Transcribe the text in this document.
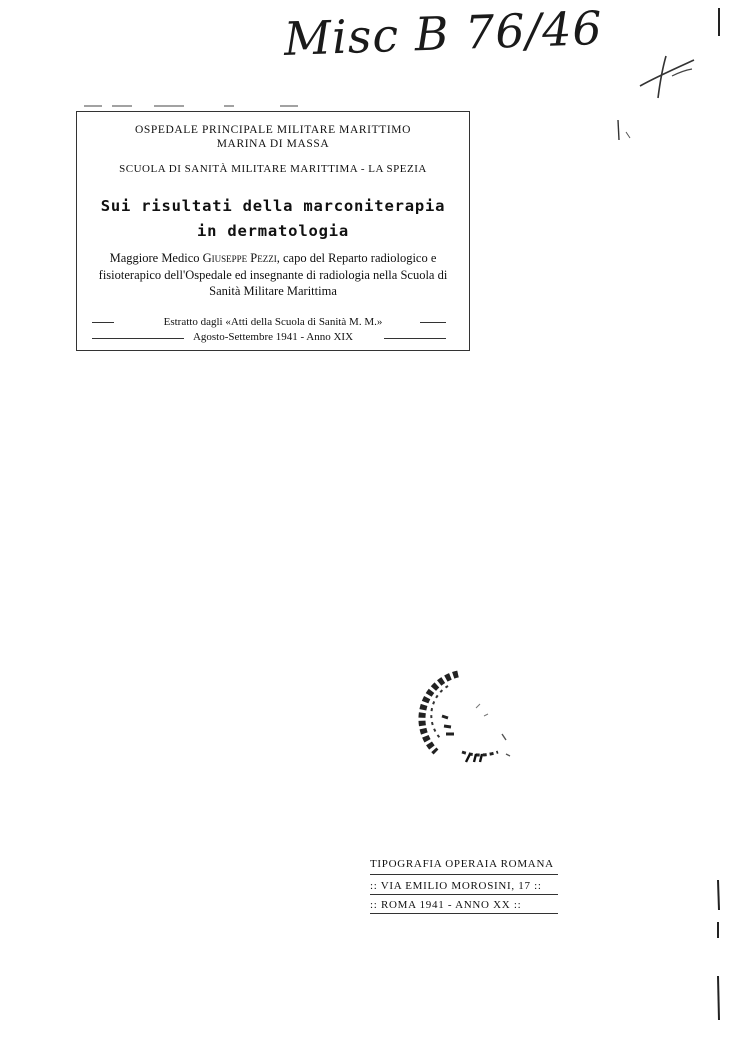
Misc B 76/46
OSPEDALE PRINCIPALE MILITARE MARITTIMO
MARINA DI MASSA
SCUOLA DI SANITÀ MILITARE MARITTIMA - LA SPEZIA
Sui risultati della marconiterapia
in dermatologia
Maggiore Medico Giuseppe Pezzi, capo del Reparto radiologico e fisioterapico dell'Ospedale ed insegnante di radiologia nella Scuola di Sanità Militare Marittima
Estratto dagli «Atti della Scuola di Sanità M. M.»
Agosto-Settembre 1941 - Anno XIX
TIPOGRAFIA OPERAIA ROMANA
:: VIA EMILIO MOROSINI, 17 ::
:: ROMA 1941 - ANNO XX ::
